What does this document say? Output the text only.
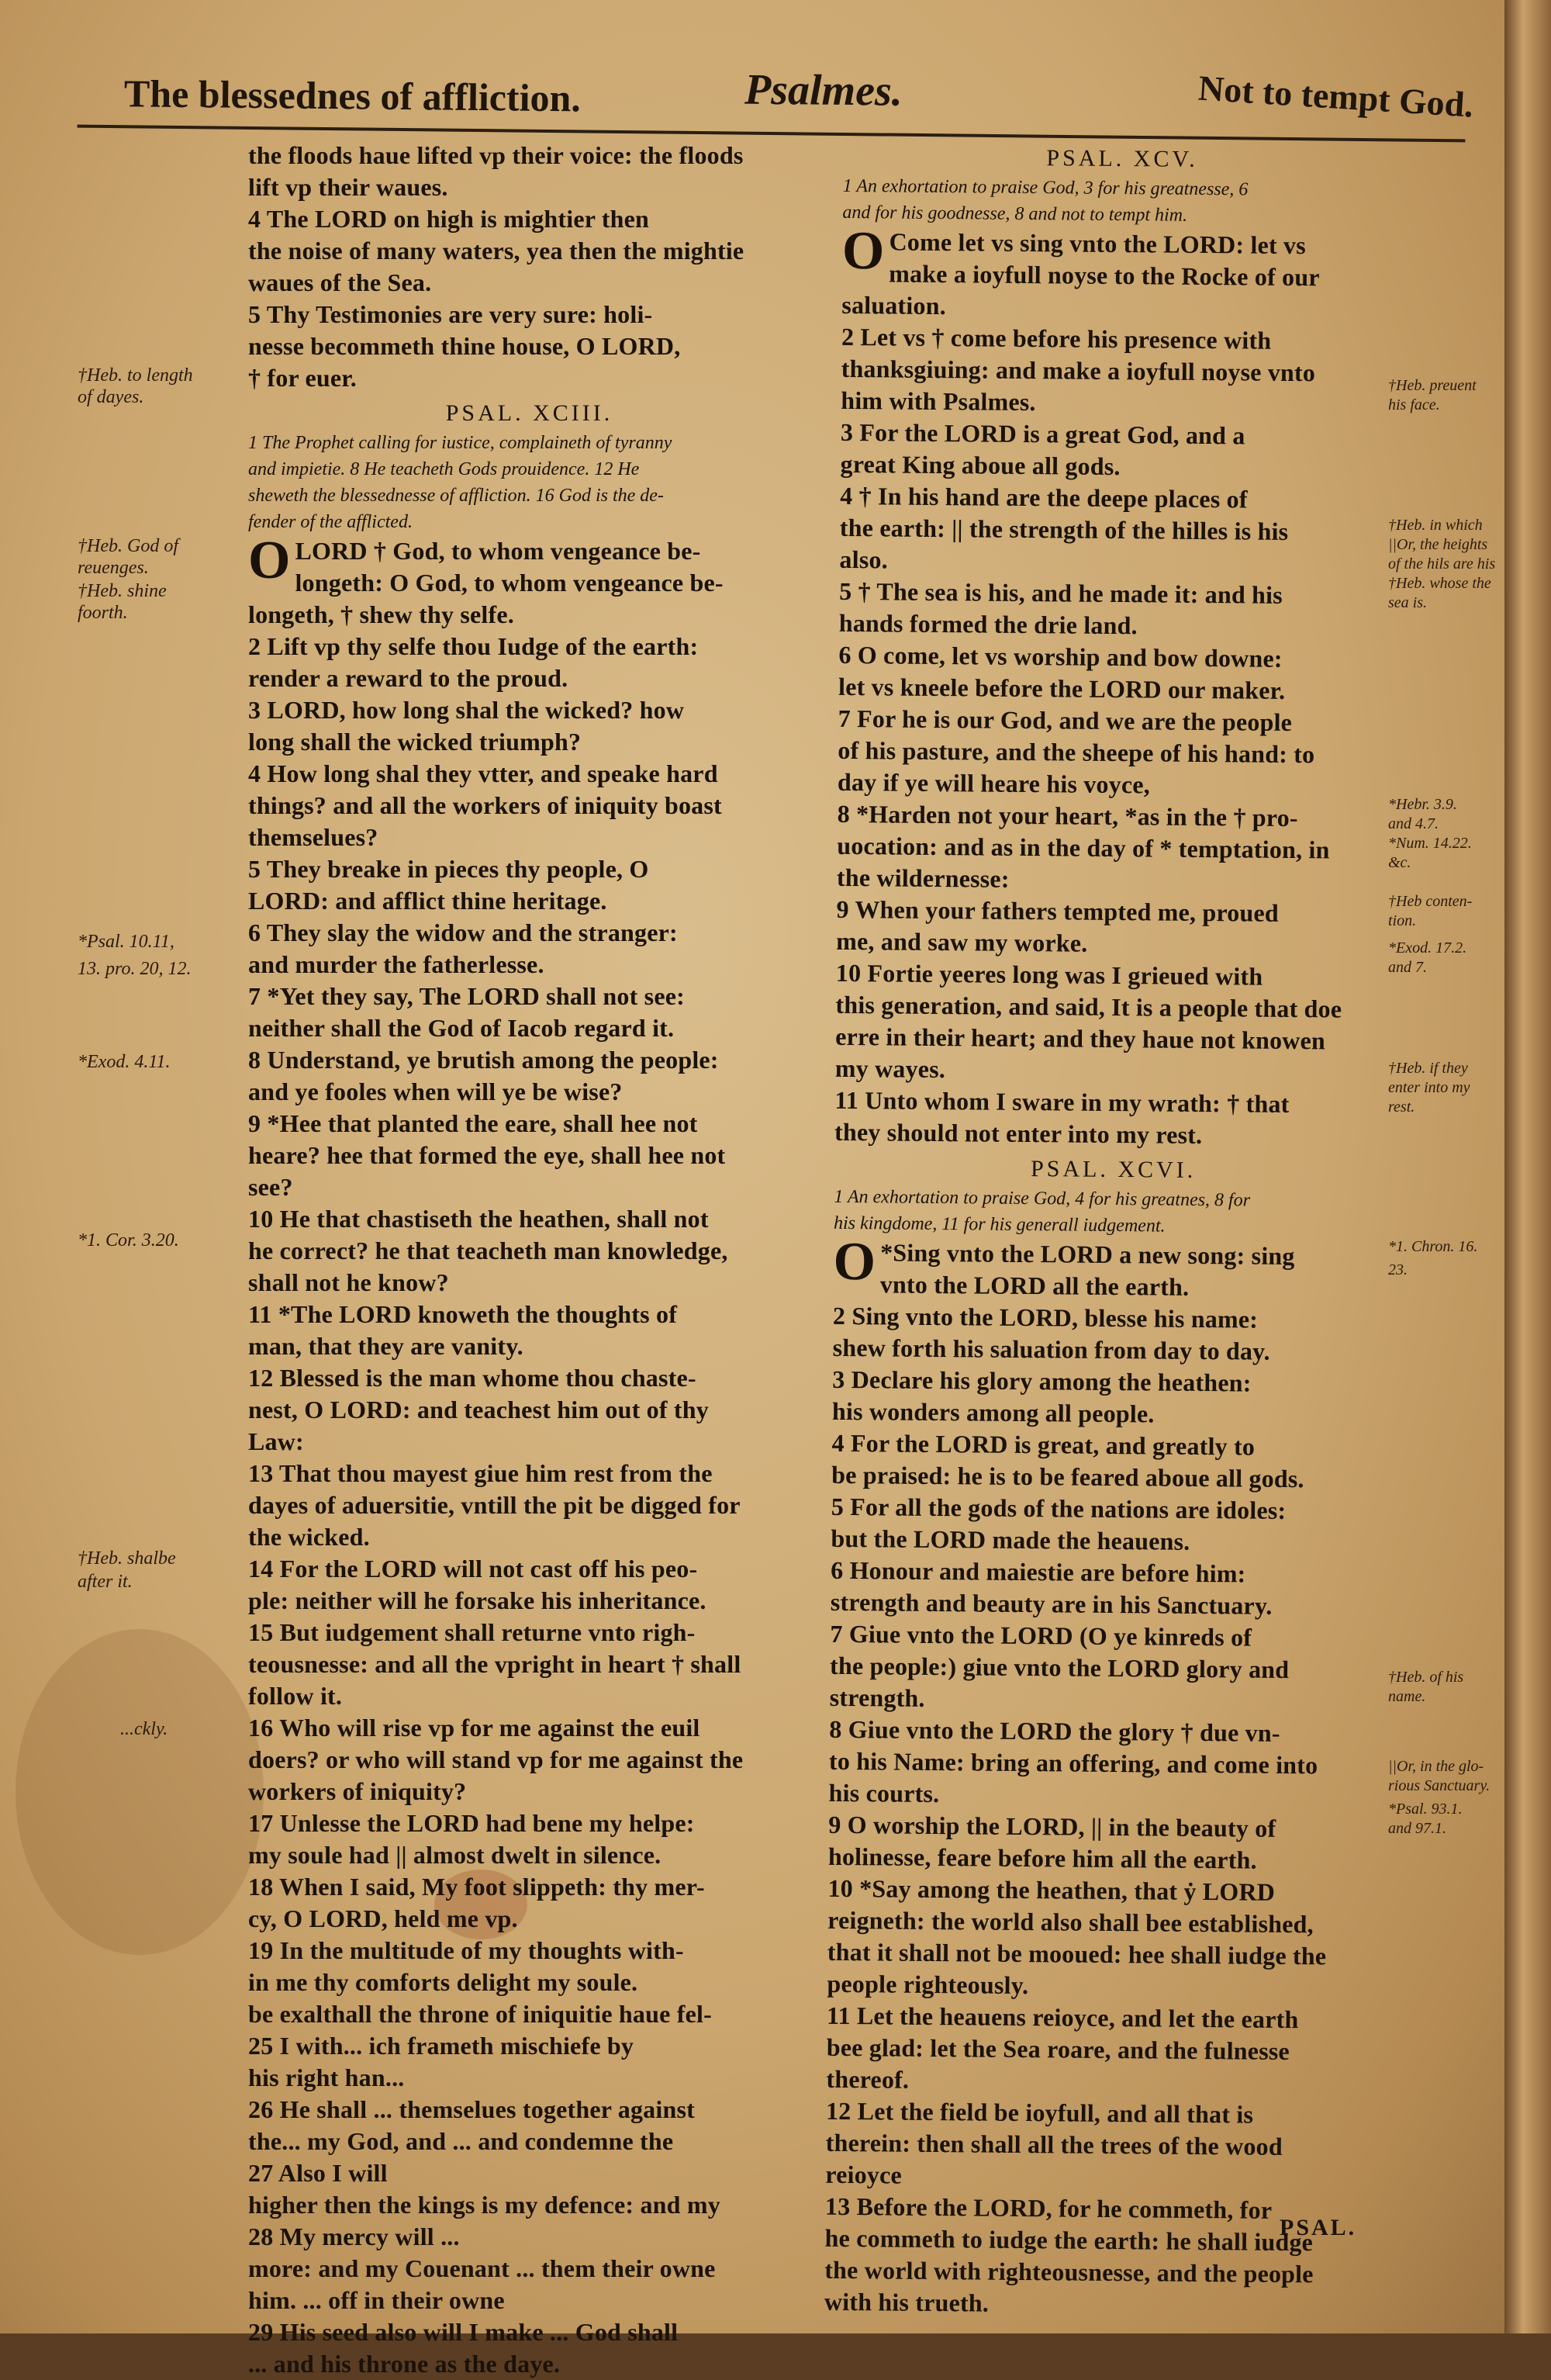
The blessednes of affliction.	Psalmes.	Not to tempt God.
the floods haue lifted vp their voice: the floods
lift vp their waues.
4 The LORD on high is mightier then
the noise of many waters, yea then the mightie
waues of the Sea.
5 Thy Testimonies are very sure: holi-
nesse becommeth thine house, O LORD,
† for euer.
PSAL. XCIII.
1 The Prophet calling for iustice, complaineth of tyranny
and impietie. 8 He teacheth Gods prouidence. 12 He
sheweth the blessednesse of affliction. 16 God is the de-
fender of the afflicted.
O LORD † God, to whom vengeance be-
longeth: O God, to whom vengeance be-
longeth, † shew thy selfe.
2 Lift vp thy selfe thou Iudge of the earth:
render a reward to the proud.
3 LORD, how long shal the wicked? how
long shall the wicked triumph?
4 How long shal they vtter, and speake hard
things? and all the workers of iniquity boast
themselues?
5 They breake in pieces thy people, O
LORD: and afflict thine heritage.
6 They slay the widow and the stranger:
and murder the fatherlesse.
7 *Yet they say, The LORD shall not see:
neither shall the God of Iacob regard it.
8 Understand, ye brutish among the people:
and ye fooles when will ye be wise?
9 *Hee that planted the eare, shall hee not
heare? hee that formed the eye, shall hee not
see?
10 He that chastiseth the heathen, shall not
he correct? he that teacheth man knowledge,
shall not he know?
11 *The LORD knoweth the thoughts of
man, that they are vanity.
12 Blessed is the man whome thou chaste-
nest, O LORD: and teachest him out of thy
Law:
13 That thou mayest giue him rest from the
dayes of aduersitie, vntill the pit be digged for
the wicked.
14 For the LORD will not cast off his peo-
ple: neither will he forsake his inheritance.
15 But iudgement shall returne vnto righ-
teousnesse: and all the vpright in heart † shall
follow it.
16 Who will rise vp for me against the euil
doers? or who will stand vp for me against the
workers of iniquity?
17 Unlesse the LORD had bene my helpe:
my soule had || almost dwelt in silence.
18 When I said, My foot slippeth: thy mer-
cy, O LORD, held me vp.
19 In the multitude of my thoughts with-
in me thy comforts delight my soule.
be exalthall the throne of iniquitie haue fel-
25 I with... ich frameth mischiefe by
his right han...
26 He shall ... themselues together against
the... my God, and ... and condemne the
27 Also I will
higher then the kings is my defence: and my
28 My mercy will ...
more: and my Couenant ... them their owne
him. ... off in their owne
29 His seed also will I make ... God shall
... and his throne as the daye.
PSAL. XCV.
1 An exhortation to praise God, 3 for his greatnesse, 6
and for his goodnesse, 8 and not to tempt him.
O Come let vs sing vnto the LORD: let vs
make a ioyfull noyse to the Rocke of our
saluation.
2 Let vs † come before his presence with
thanksgiuing: and make a ioyfull noyse vnto
him with Psalmes.
3 For the LORD is a great God, and a
great King aboue all gods.
4 † In his hand are the deepe places of
the earth: || the strength of the hilles is his
also.
5 † The sea is his, and he made it: and his
hands formed the drie land.
6 O come, let vs worship and bow downe:
let vs kneele before the LORD our maker.
7 For he is our God, and we are the people
of his pasture, and the sheepe of his hand: to
day if ye will heare his voyce,
8 *Harden not your heart, *as in the † pro-
uocation: and as in the day of * temptation, in
the wildernesse:
9 When your fathers tempted me, proued
me, and saw my worke.
10 Fortie yeeres long was I grieued with
this generation, and said, It is a people that doe
erre in their heart; and they haue not knowen
my wayes.
11 Unto whom I sware in my wrath: † that
they should not enter into my rest.
PSAL. XCVI.
1 An exhortation to praise God, 4 for his greatnes, 8 for
his kingdome, 11 for his generall iudgement.
O *Sing vnto the LORD a new song: sing
vnto the LORD all the earth.
2 Sing vnto the LORD, blesse his name:
shew forth his saluation from day to day.
3 Declare his glory among the heathen:
his wonders among all people.
4 For the LORD is great, and greatly to
be praised: he is to be feared aboue all gods.
5 For all the gods of the nations are idoles:
but the LORD made the heauens.
6 Honour and maiestie are before him:
strength and beauty are in his Sanctuary.
7 Giue vnto the LORD (O ye kinreds of
the people:) giue vnto the LORD glory and
strength.
8 Giue vnto the LORD the glory † due vn-
to his Name: bring an offering, and come into
his courts.
9 O worship the LORD, || in the beauty of
holinesse, feare before him all the earth.
10 *Say among the heathen, that ẏ LORD
reigneth: the world also shall bee established,
that it shall not be mooued: hee shall iudge the
people righteously.
11 Let the heauens reioyce, and let the earth
bee glad: let the Sea roare, and the fulnesse
thereof.
12 Let the field be ioyfull, and all that is
therein: then shall all the trees of the wood
reioyce
13 Before the LORD, for he commeth, for
he commeth to iudge the earth: he shall iudge
the world with righteousnesse, and the people
with his trueth.
†Heb. to length
of dayes.
†Heb. God of
reuenges.
†Heb. shine
foorth.
*Psal. 10.11,
13. pro. 20, 12.
*Exod. 4.11.
*1. Cor. 3.20.
†Heb. shalbe
after it.
...ckly.
†Heb. preuent
his face.
†Heb. in which
||Or, the heights
of the hils are his
†Heb. whose the
sea is.
*Hebr. 3.9.
and 4.7.
*Num. 14.22.
&c.
†Heb conten-
tion.
*Exod. 17.2.
and 7.
†Heb. if they
enter into my
rest.
*1. Chron. 16.
23.
†Heb. of his
name.
||Or, in the glo-
rious Sanctuary.
*Psal. 93.1.
and 97.1.
PSAL.
